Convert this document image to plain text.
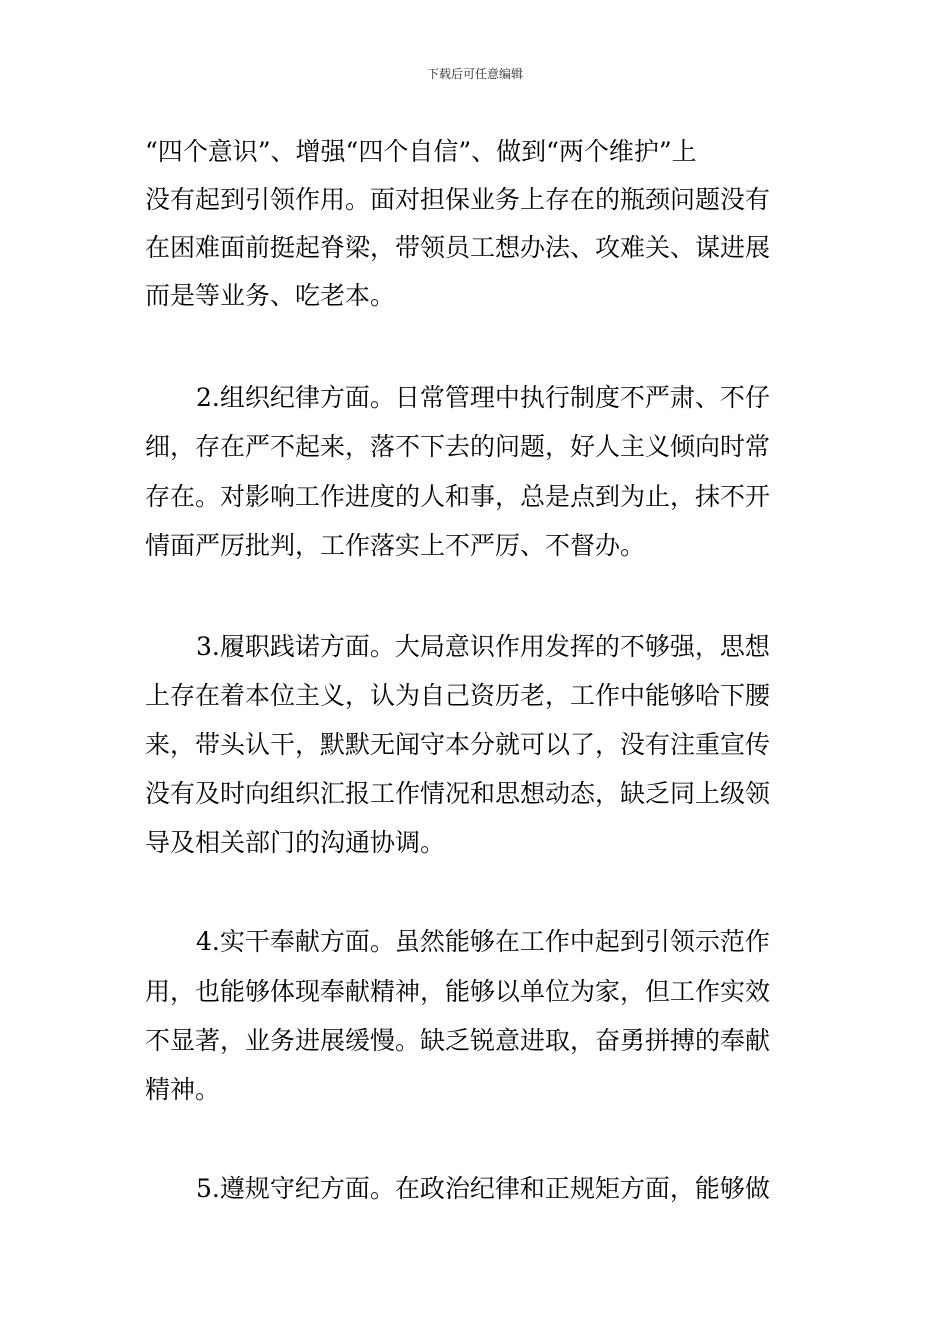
下载后可任意编辑
“四个意识”、增强“四个自信”、做到“两个维护”上
没有起到引领作用。面对担保业务上存在的瓶颈问题没有
在困难面前挺起脊梁，带领员工想办法、攻难关、谋进展
而是等业务、吃老本。
2.组织纪律方面。日常管理中执行制度不严肃、不仔
细，存在严不起来，落不下去的问题，好人主义倾向时常
存在。对影响工作进度的人和事，总是点到为止，抹不开
情面严厉批判，工作落实上不严厉、不督办。
3.履职践诺方面。大局意识作用发挥的不够强，思想
上存在着本位主义，认为自己资历老，工作中能够哈下腰
来，带头认干，默默无闻守本分就可以了，没有注重宣传
没有及时向组织汇报工作情况和思想动态，缺乏同上级领
导及相关部门的沟通协调。
4.实干奉献方面。虽然能够在工作中起到引领示范作
用，也能够体现奉献精神，能够以单位为家，但工作实效
不显著，业务进展缓慢。缺乏锐意进取，奋勇拼搏的奉献
精神。
5.遵规守纪方面。在政治纪律和正规矩方面，能够做
